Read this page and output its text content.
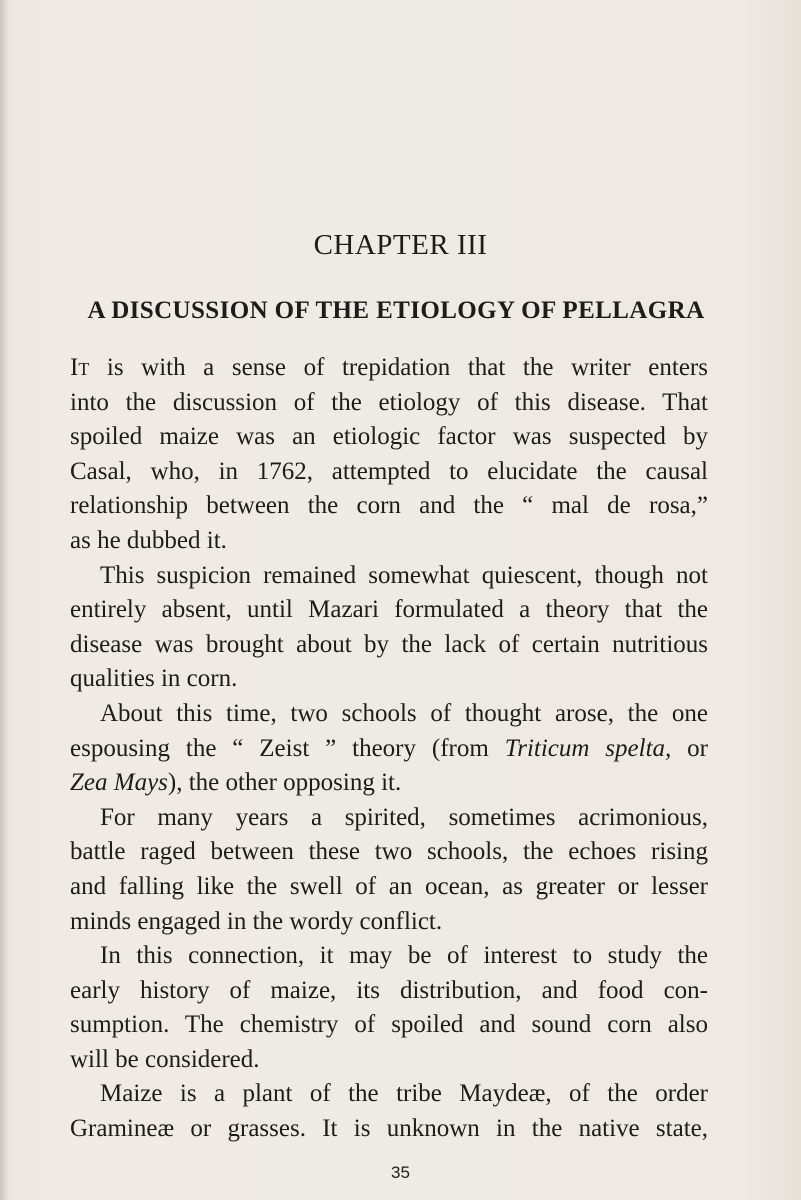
CHAPTER III
A DISCUSSION OF THE ETIOLOGY OF PELLAGRA
It is with a sense of trepidation that the writer enters
into the discussion of the etiology of this disease. That
spoiled maize was an etiologic factor was suspected by
Casal, who, in 1762, attempted to elucidate the causal
relationship between the corn and the “ mal de rosa,”
as he dubbed it.
This suspicion remained somewhat quiescent, though not
entirely absent, until Mazari formulated a theory that the
disease was brought about by the lack of certain nutritious
qualities in corn.
About this time, two schools of thought arose, the one
espousing the “ Zeist ” theory (from Triticum spelta, or
Zea Mays), the other opposing it.
For many years a spirited, sometimes acrimonious,
battle raged between these two schools, the echoes rising
and falling like the swell of an ocean, as greater or lesser
minds engaged in the wordy conflict.
In this connection, it may be of interest to study the
early history of maize, its distribution, and food con-
sumption. The chemistry of spoiled and sound corn also
will be considered.
Maize is a plant of the tribe Maydeæ, of the order
Gramineæ or grasses. It is unknown in the native state,
35
